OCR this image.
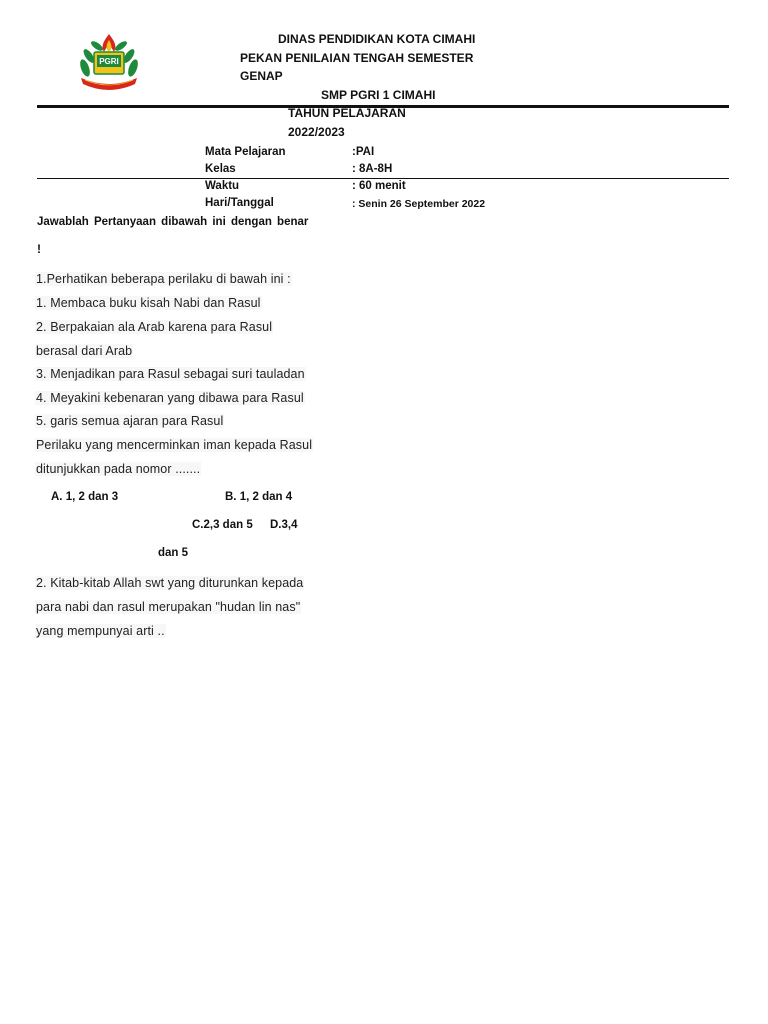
PGRI
DINAS PENDIDIKAN KOTA CIMAHI
PEKAN PENILAIAN TENGAH SEMESTER
GENAP
SMP PGRI 1 CIMAHI
TAHUN PELAJARAN
2022/2023
Mata Pelajaran	:PAI
Kelas	: 8A-8H
Waktu	: 60 menit
Hari/Tanggal	: Senin 26 September 2022
Jawablah Pertanyaan dibawah ini dengan benar
!
1.Perhatikan beberapa perilaku di bawah ini :
1. Membaca buku kisah Nabi dan Rasul
2. Berpakaian ala Arab karena para Rasul
berasal dari Arab
3. Menjadikan para Rasul sebagai suri tauladan
4. Meyakini kebenaran yang dibawa para Rasul
5. garis semua ajaran para Rasul
Perilaku yang mencerminkan iman kepada Rasul
ditunjukkan pada nomor .......
A. 1, 2 dan 3	B. 1, 2 dan 4
C.2,3 dan 5 D.3,4
dan 5
2. Kitab-kitab Allah swt yang diturunkan kepada
para nabi dan rasul merupakan "hudan lin nas"
yang mempunyai arti ..
